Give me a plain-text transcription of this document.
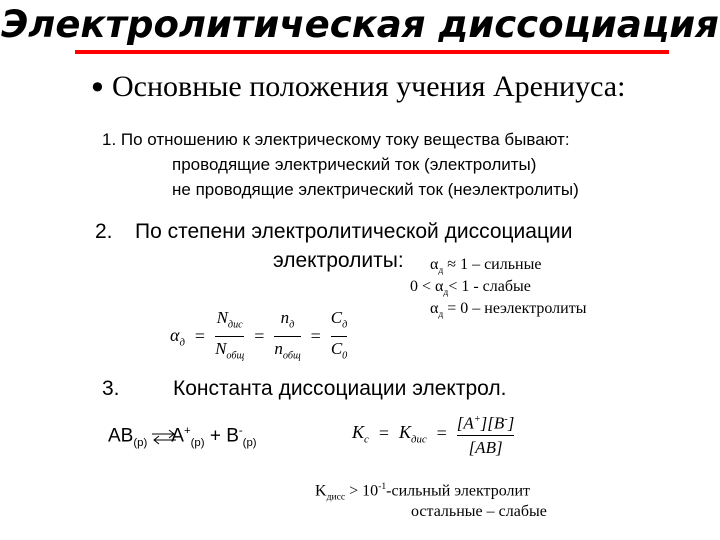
Электролитическая диссоциация
• Основные положения учения Арениуса:
1. По отношению к электрическому току вещества бывают:
проводящие электрический ток (электролиты)
не проводящие электрический ток (неэлектролиты)
2. По степени электролитической диссоциации
электролиты: $\alpha_д \approx 1$ – сильные
$0 < \alpha_д< 1$ - слабые
$\alpha_д = 0$ – неэлектролиты
$\alpha_д = \frac{N_{дис}}{N_{общ}} = \frac{n_д}{n_{общ}} = \frac{C_д}{C_0}$
3.	Константа диссоциации электрол.
$AB_{(р)}$ $A^+_{(р)} + B^-_{(р)}$
$K_c = K_{дис} = \frac{[A^+][B^-]}{[AB]}$
$K_{дисс}$ > $10^{-1}$-сильный электролит
остальные – слабые
